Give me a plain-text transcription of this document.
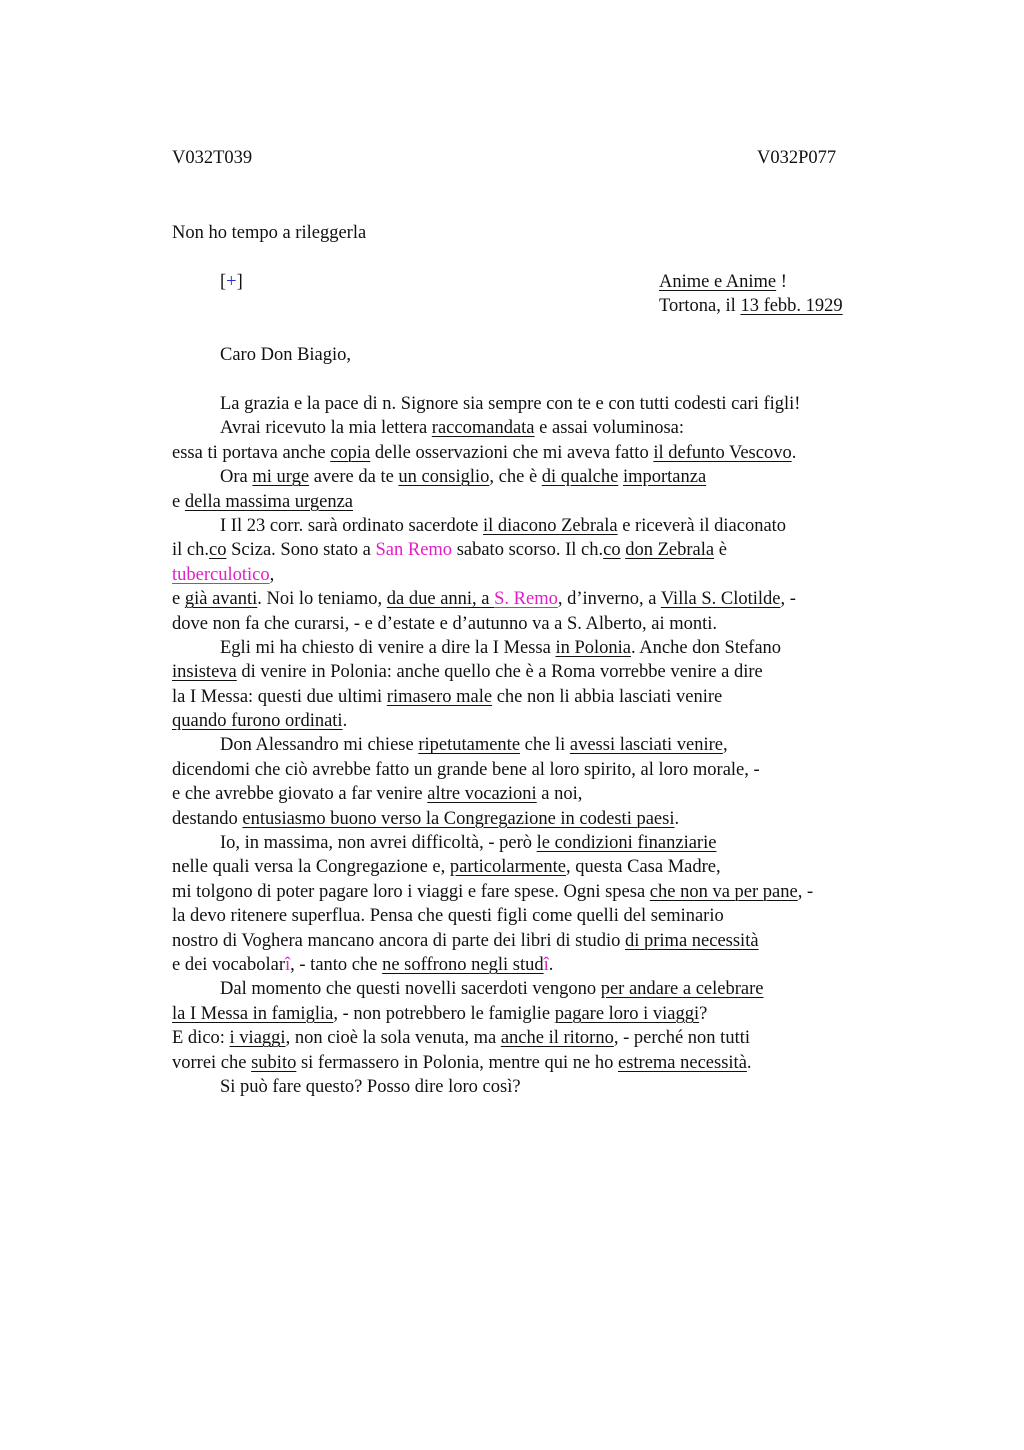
V032T039	V032P077
Non ho tempo a rileggerla
[+]	Anime e Anime !
Tortona, il 13 febb. 1929
Caro Don Biagio,
La grazia e la pace di n. Signore sia sempre con te e con tutti codesti cari figli!
Avrai ricevuto la mia lettera raccomandata e assai voluminosa:
essa ti portava anche copia delle osservazioni che mi aveva fatto il defunto Vescovo.
Ora mi urge avere da te un consiglio, che è di qualche importanza
e della massima urgenza
I Il 23 corr. sarà ordinato sacerdote il diacono Zebrala e riceverà il diaconato
il ch.co Scizа. Sono stato a San Remo sabato scorso. Il ch.co don Zebrala è
tuberculotico,
e già avanti. Noi lo teniamo, da due anni, a S. Remo, d’inverno, a Villa S. Clotilde, -
dove non fa che curarsi, - e d’estate e d’autunno va a S. Alberto, ai monti.
Egli mi ha chiesto di venire a dire la I Messa in Polonia. Anche don Stefano
insisteva di venire in Polonia: anche quello che è a Roma vorrebbe venire a dire
la I Messa: questi due ultimi rimasero male che non li abbia lasciati venire
quando furono ordinati.
Don Alessandro mi chiese ripetutamente che li avessi lasciati venire,
dicendomi che ciò avrebbe fatto un grande bene al loro spirito, al loro morale, -
e che avrebbe giovato a far venire altre vocazioni a noi,
destando entusiasmo buono verso la Congregazione in codesti paesi.
Io, in massima, non avrei difficoltà, - però le condizioni finanziarie
nelle quali versa la Congregazione e, particolarmente, questa Casa Madre,
mi tolgono di poter pagare loro i viaggi e fare spese. Ogni spesa che non va per pane, -
la devo ritenere superflua. Pensa che questi figli come quelli del seminario
nostro di Voghera mancano ancora di parte dei libri di studio di prima necessità
e dei vocabolarî, - tanto che ne soffrono negli studî.
Dal momento che questi novelli sacerdoti vengono per andare a celebrare
la I Messa in famiglia, - non potrebbero le famiglie pagare loro i viaggi?
E dico: i viaggi, non cioè la sola venuta, ma anche il ritorno, - perché non tutti
vorrei che subito si fermassero in Polonia, mentre qui ne ho estrema necessità.
Si può fare questo? Posso dire loro così?
